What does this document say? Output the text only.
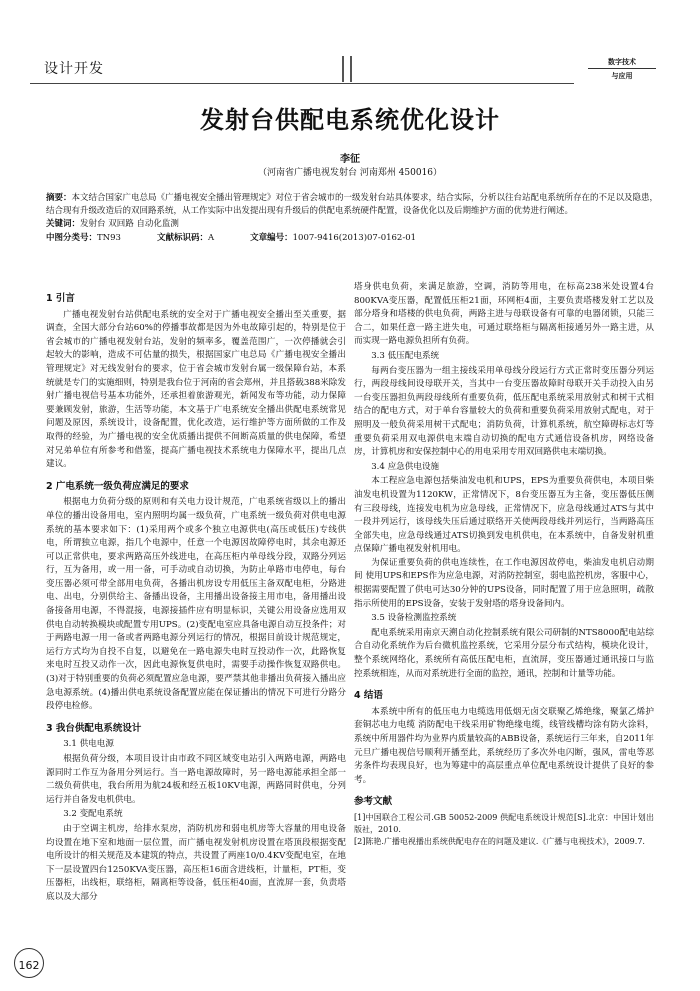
设计开发	数字技术
与应用
发射台供配电系统优化设计
李征
（河南省广播电视发射台 河南郑州 450016）
摘要：本文结合国家广电总局《广播电视安全播出管理规定》对位于省会城市的一级发射台站具体要求，结合实际，分析以往台站配电系统所存在的不足以及隐患，结合现有升级改造后的双回路系统，从工作实际中出发提出现有升级后的供配电系统硬件配置，设备优化以及后期维护方面的优势进行阐述。
关键词：发射台 双回路 自动化监测
中图分类号：TN93	文献标识码：A	文章编号：1007-9416(2013)07-0162-01
1 引言

广播电视发射台站供配电系统的安全对于广播电视安全播出至关重要，据调查，全国大部分台站60%的停播事故都是因为外电故障引起的，特别是位于省会城市的广播电视发射台站，发射的频率多，覆盖范围广，一次停播就会引起较大的影响，造成不可估量的损失，根据国家广电总局《广播电视安全播出管理规定》对无线发射台的要求，位于省会城市发射台属一级保障台站，本系统就是专门的实施细则，特别是我台位于河南的省会郑州，并且搭载388米除发射广播电视信号基本功能外，还承担着旅游观光，新闻发布等功能，动力保障要兼顾发射，旅游，生活等功能，本文基于广电系统安全播出供配电系统常见问题及原因，系统设计，设备配置，优化改造，运行维护等方面所做的工作及取得的经验，为广播电视的安全优质播出提供不间断高质量的供电保障，希望对兄弟单位有所参考和借鉴，提高广播电视技术系统电力保障水平，提出几点建议。

2 广电系统一级负荷应满足的要求

根据电力负荷分级的原则和有关电力设计规范，广电系统省级以上的播出单位的播出设备用电，室内照明均属一级负荷，广电系统一级负荷对供电电源系统的基本要求如下：(1)采用两个或多个独立电源供电(高压或低压)专线供电，所谓独立电源，指几个电源中，任意一个电源因故障停电时，其余电源还可以正常供电，要求两路高压外线进电，在高压柜内单母线分段，双路分列运行，互为备用，或一用一备，可手动或自动切换，为防止单路市电停电，每台变压器必须可带全部用电负荷，各播出机房设专用低压主备双配电柜，分路进电、出电，分别供给主、备播出设备，主用播出设备接主用市电，备用播出设备接备用电源，不得混接，电源接插件应有明显标识，关键公用设备应选用双供电自动转换模块或配置专用UPS。(2)变配电室应具备电源自动互投条件；对于两路电源一用一备或者两路电源分列运行的情况，根据目前设计规范规定，运行方式均为自投不自复，以避免在一路电源失电时互投动作一次，此路恢复来电时互投又动作一次，因此电源恢复供电时，需要手动操作恢复双路供电。(3)对于特别重要的负荷必须配置应急电源，要严禁其他非播出负荷接入播出应急电源系统。(4)播出供电系统设备配置应能在保证播出的情况下可进行分路分段停电检修。

3 我台供配电系统设计
3.1 供电电源

根据负荷分级，本项目设计由市政不同区域变电站引入两路电源，两路电源同时工作互为备用分列运行。当一路电源故障时，另一路电源能承担全部一 二级负荷供电，我台所用为航24板和经五板10KV电源，两路同时供电，分列运行并自备发电机供电。

3.2 变配电系统

由于空调主机房，给排水泵房，消防机房和弱电机房等大容量的用电设备均设置在地下室和地面一层位置，而广播电视发射机房设置在塔顶段根据变配电所设计的相关规范及本建筑的特点，共设置了两座10/0.4KV变配电室，在地下一层设置四台1250KVA变压器，高压柜16面含进线柜，计量柜，PT柜，变压器柜，出线柜，联络柜，隔离柜等设备，低压柜40面，直流屏一套，负责塔底以及大部分

塔身供电负荷，来满足旅游，空调，消防等用电，在标高238米处设置4台800KVA变压器，配置低压柜21面，环网柜4面，主要负责塔楼发射工艺以及部分塔身和塔楼的供电负荷，两路主进与母联设备有可靠的电器闭锁，只能三合二，如果任意一路主进失电，可通过联络柜与隔离柜接通另外一路主进，从而实现一路电源负担所有负荷。

3.3 低压配电系统

每两台变压器为一组主接线采用单母线分段运行方式正常时变压器分列运行，两段母线间设母联开关，当其中一台变压器故障时母联开关手动投入由另一台变压器担负两段母线所有重要负荷，低压配电系统采用放射式和树干式相结合的配电方式，对于单台容量较大的负荷和重要负荷采用放射式配电，对于照明及一般负荷采用树干式配电；消防负荷，计算机系统，航空障碍标志灯等重要负荷采用双电源供电末端自动切换的配电方式通信设备机房，网络设备房，计算机房和安保控制中心的用电采用专用双回路供电末端切换。

3.4 应急供电设施

本工程应急电源包括柴油发电机和UPS，EPS为重要负荷供电，本项目柴油发电机设置为1120KW，正常情况下，8台变压器互为主备，变压器低压侧有三段母线，连接发电机为应急母线，正常情况下，应急母线通过ATS与其中一段并列运行，该母线失压后通过联络开关使两段母线并列运行，当两路高压全部失电，应急母线通过ATS切换到发电机供电，在本系统中，自备发射机重点保障广播电视发射机用电。

为保证重要负荷的供电连续性，在工作电源因故停电，柴油发电机启动期间 使用UPS和EPS作为应急电源，对消防控制室，弱电监控机房，客服中心，根据需要配置了供电可达30分钟的UPS设备，同时配置了用于应急照明，疏散指示所使用的EPS设备，安装于发射塔的塔身设备间内。

3.5 设备检测监控系统

配电系统采用南京天溯自动化控制系统有限公司研制的NTS8000配电站综合自动化系统作为后台微机监控系统，它采用分层分布式结构，模块化设计，整个系统网络化，系统所有高低压配电柜，直流屏，变压器通过通讯接口与监控系统相连，从而对系统进行全面的监控，通讯，控制和计量等功能。

4 结语

本系统中所有的低压电力电缆选用低烟无卤交联聚乙烯绝缘，聚氯乙烯护套铜芯电力电缆 消防配电干线采用矿物绝缘电缆，线管线槽均涂有防火涂料，系统中所用器件均为业界内质量较高的ABB设备，系统运行三年来，自2011年元旦广播电视信号顺利开播至此，系统经历了多次外电闪断，强风，雷电等恶劣条件均表现良好，也为筹建中的高层重点单位配电系统设计提供了良好的参考。

参考文献

[1]中国联合工程公司.GB 50052-2009 供配电系统设计规范[S].北京：中国计划出版社，2010.

[2]陈艳.广播电视播出系统供配电存在的问题及建议.《广播与电视技术》，2009.7.

162
